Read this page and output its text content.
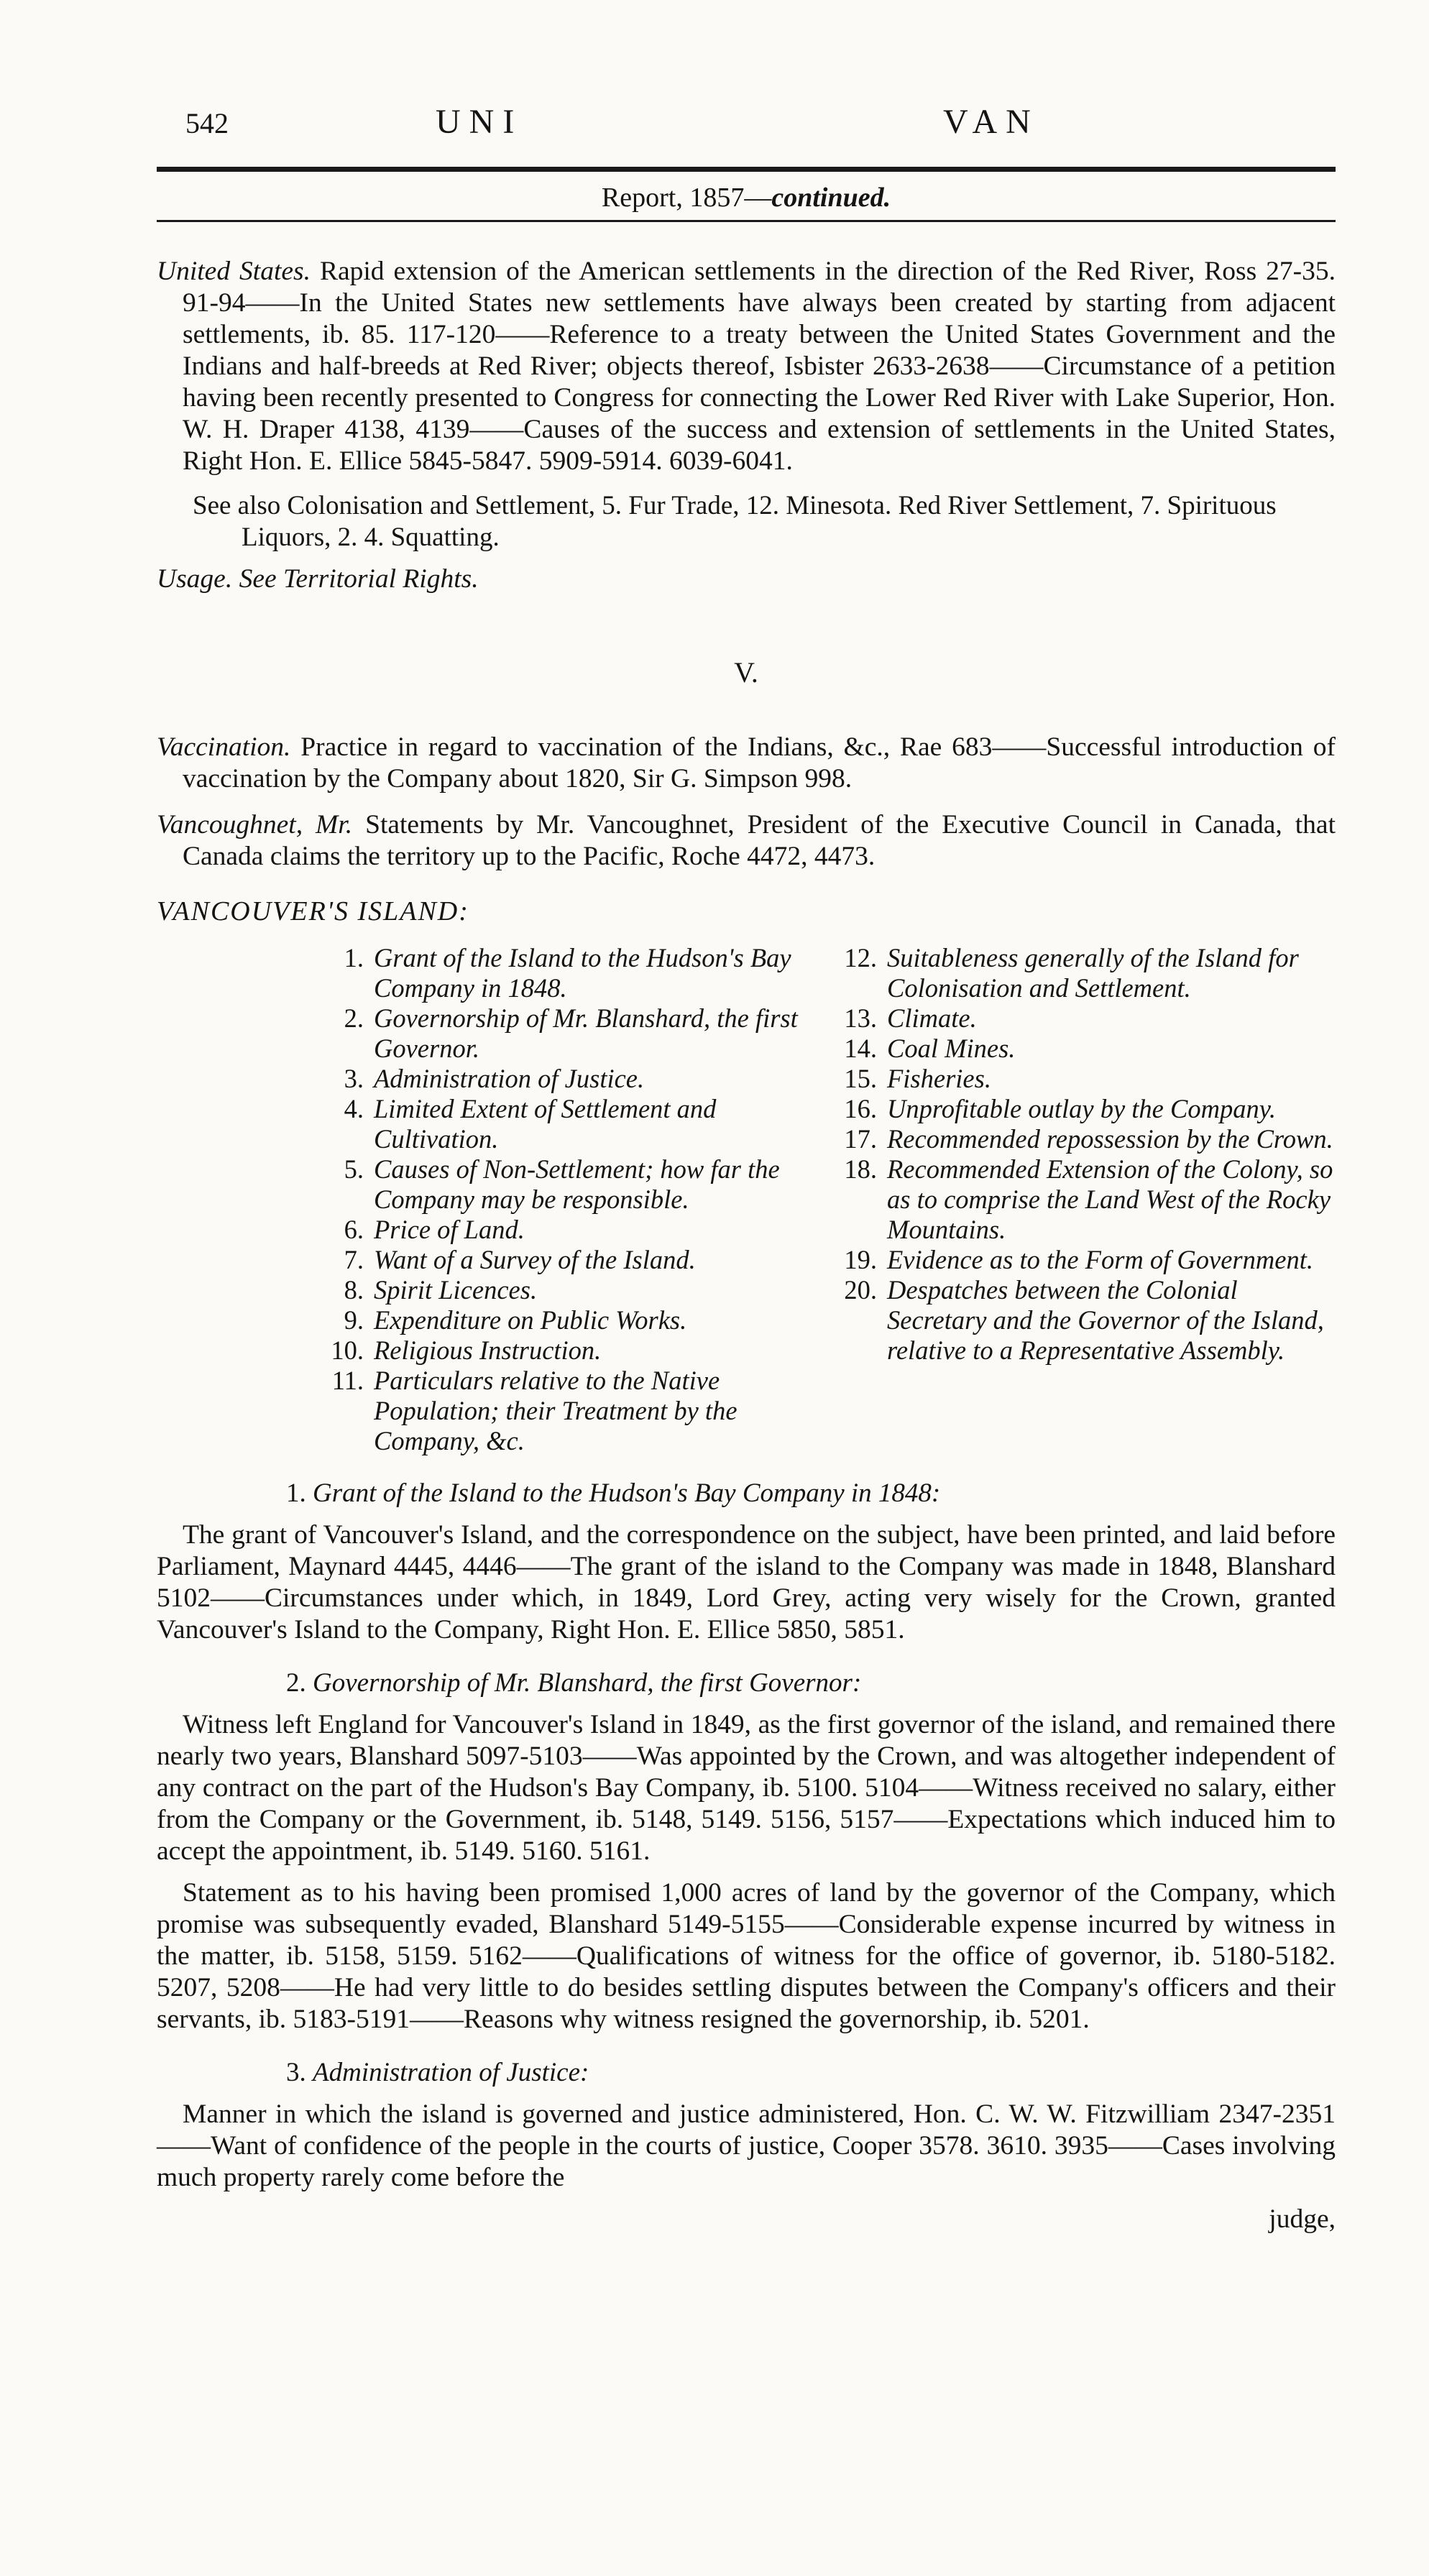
542	UNI	VAN
Report, 1857—continued.

United States. Rapid extension of the American settlements in the direction of the Red River, Ross 27-35. 91-94——In the United States new settlements have always been created by starting from adjacent settlements, ib. 85. 117-120——Reference to a treaty between the United States Government and the Indians and half-breeds at Red River; objects thereof, Isbister 2633-2638——Circumstance of a petition having been recently presented to Congress for connecting the Lower Red River with Lake Superior, Hon. W. H. Draper 4138, 4139——Causes of the success and extension of settlements in the United States, Right Hon. E. Ellice 5845-5847. 5909-5914. 6039-6041.

See also Colonisation and Settlement, 5. Fur Trade, 12. Minesota. Red River Settlement, 7. Spirituous Liquors, 2. 4. Squatting.

Usage. See Territorial Rights.

V.

Vaccination. Practice in regard to vaccination of the Indians, &c., Rae 683——Successful introduction of vaccination by the Company about 1820, Sir G. Simpson 998.

Vancoughnet, Mr. Statements by Mr. Vancoughnet, President of the Executive Council in Canada, that Canada claims the territory up to the Pacific, Roche 4472, 4473.

VANCOUVER'S ISLAND:
1. Grant of the Island to the Hudson's Bay Company in 1848.
2. Governorship of Mr. Blanshard, the first Governor.
3. Administration of Justice.
4. Limited Extent of Settlement and Cultivation.
5. Causes of Non-Settlement; how far the Company may be responsible.
6. Price of Land.
7. Want of a Survey of the Island.
8. Spirit Licences.
9. Expenditure on Public Works.
10. Religious Instruction.
11. Particulars relative to the Native Population; their Treatment by the Company, &c.
12. Suitableness generally of the Island for Colonisation and Settlement.
13. Climate.
14. Coal Mines.
15. Fisheries.
16. Unprofitable outlay by the Company.
17. Recommended repossession by the Crown.
18. Recommended Extension of the Colony, so as to comprise the Land West of the Rocky Mountains.
19. Evidence as to the Form of Government.
20. Despatches between the Colonial Secretary and the Governor of the Island, relative to a Representative Assembly.
1. Grant of the Island to the Hudson's Bay Company in 1848:

The grant of Vancouver's Island, and the correspondence on the subject, have been printed, and laid before Parliament, Maynard 4445, 4446——The grant of the island to the Company was made in 1848, Blanshard 5102——Circumstances under which, in 1849, Lord Grey, acting very wisely for the Crown, granted Vancouver's Island to the Company, Right Hon. E. Ellice 5850, 5851.

2. Governorship of Mr. Blanshard, the first Governor:

Witness left England for Vancouver's Island in 1849, as the first governor of the island, and remained there nearly two years, Blanshard 5097-5103——Was appointed by the Crown, and was altogether independent of any contract on the part of the Hudson's Bay Company, ib. 5100. 5104——Witness received no salary, either from the Company or the Government, ib. 5148, 5149. 5156, 5157——Expectations which induced him to accept the appointment, ib. 5149. 5160. 5161.

Statement as to his having been promised 1,000 acres of land by the governor of the Company, which promise was subsequently evaded, Blanshard 5149-5155——Considerable expense incurred by witness in the matter, ib. 5158, 5159. 5162——Qualifications of witness for the office of governor, ib. 5180-5182. 5207, 5208——He had very little to do besides settling disputes between the Company's officers and their servants, ib. 5183-5191——Reasons why witness resigned the governorship, ib. 5201.

3. Administration of Justice:

Manner in which the island is governed and justice administered, Hon. C. W. W. Fitzwilliam 2347-2351——Want of confidence of the people in the courts of justice, Cooper 3578. 3610. 3935——Cases involving much property rarely come before the

judge,
